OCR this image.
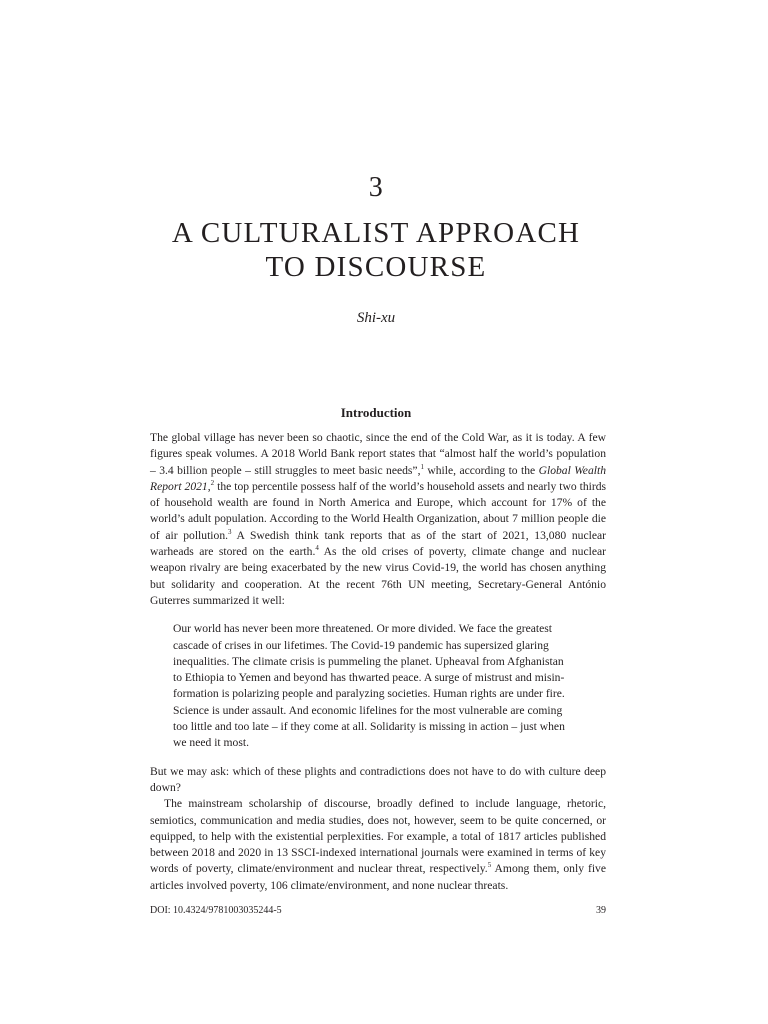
3
A CULTURALIST APPROACH
TO DISCOURSE
Shi-xu
Introduction

The global village has never been so chaotic, since the end of the Cold War, as it is today. A few figures speak volumes. A 2018 World Bank report states that “almost half the world’s population – 3.4 billion people – still struggles to meet basic needs”,$^1$ while, according to the Global Wealth Report 2021,$^2$ the top percentile possess half of the world’s household assets and nearly two thirds of household wealth are found in North America and Europe, which account for 17% of the world’s adult population. According to the World Health Organization, about 7 million people die of air pollution.$^3$ A Swedish think tank reports that as of the start of 2021, 13,080 nuclear warheads are stored on the earth.$^4$ As the old crises of poverty, climate change and nuclear weapon rivalry are being exacerbated by the new virus Covid-19, the world has chosen anything but solidarity and cooperation. At the recent 76th UN meeting, Secretary-General António Guterres summarized it well:

Our world has never been more threatened. Or more divided. We face the greatest
cascade of crises in our lifetimes. The Covid-19 pandemic has supersized glaring
inequalities. The climate crisis is pummeling the planet. Upheaval from Afghanistan
to Ethiopia to Yemen and beyond has thwarted peace. A surge of mistrust and misin-
formation is polarizing people and paralyzing societies. Human rights are under fire.
Science is under assault. And economic lifelines for the most vulnerable are coming
too little and too late – if they come at all. Solidarity is missing in action – just when
we need it most.

But we may ask: which of these plights and contradictions does not have to do with culture deep down?

The mainstream scholarship of discourse, broadly defined to include language, rhetoric, semiotics, communication and media studies, does not, however, seem to be quite concerned, or equipped, to help with the existential perplexities. For example, a total of 1817 articles published between 2018 and 2020 in 13 SSCI-indexed international journals were examined in terms of key words of poverty, climate/environment and nuclear threat, respectively.$^5$ Among them, only five articles involved poverty, 106 climate/environment, and none nuclear threats.

DOI: 10.4324/9781003035244-5	39
